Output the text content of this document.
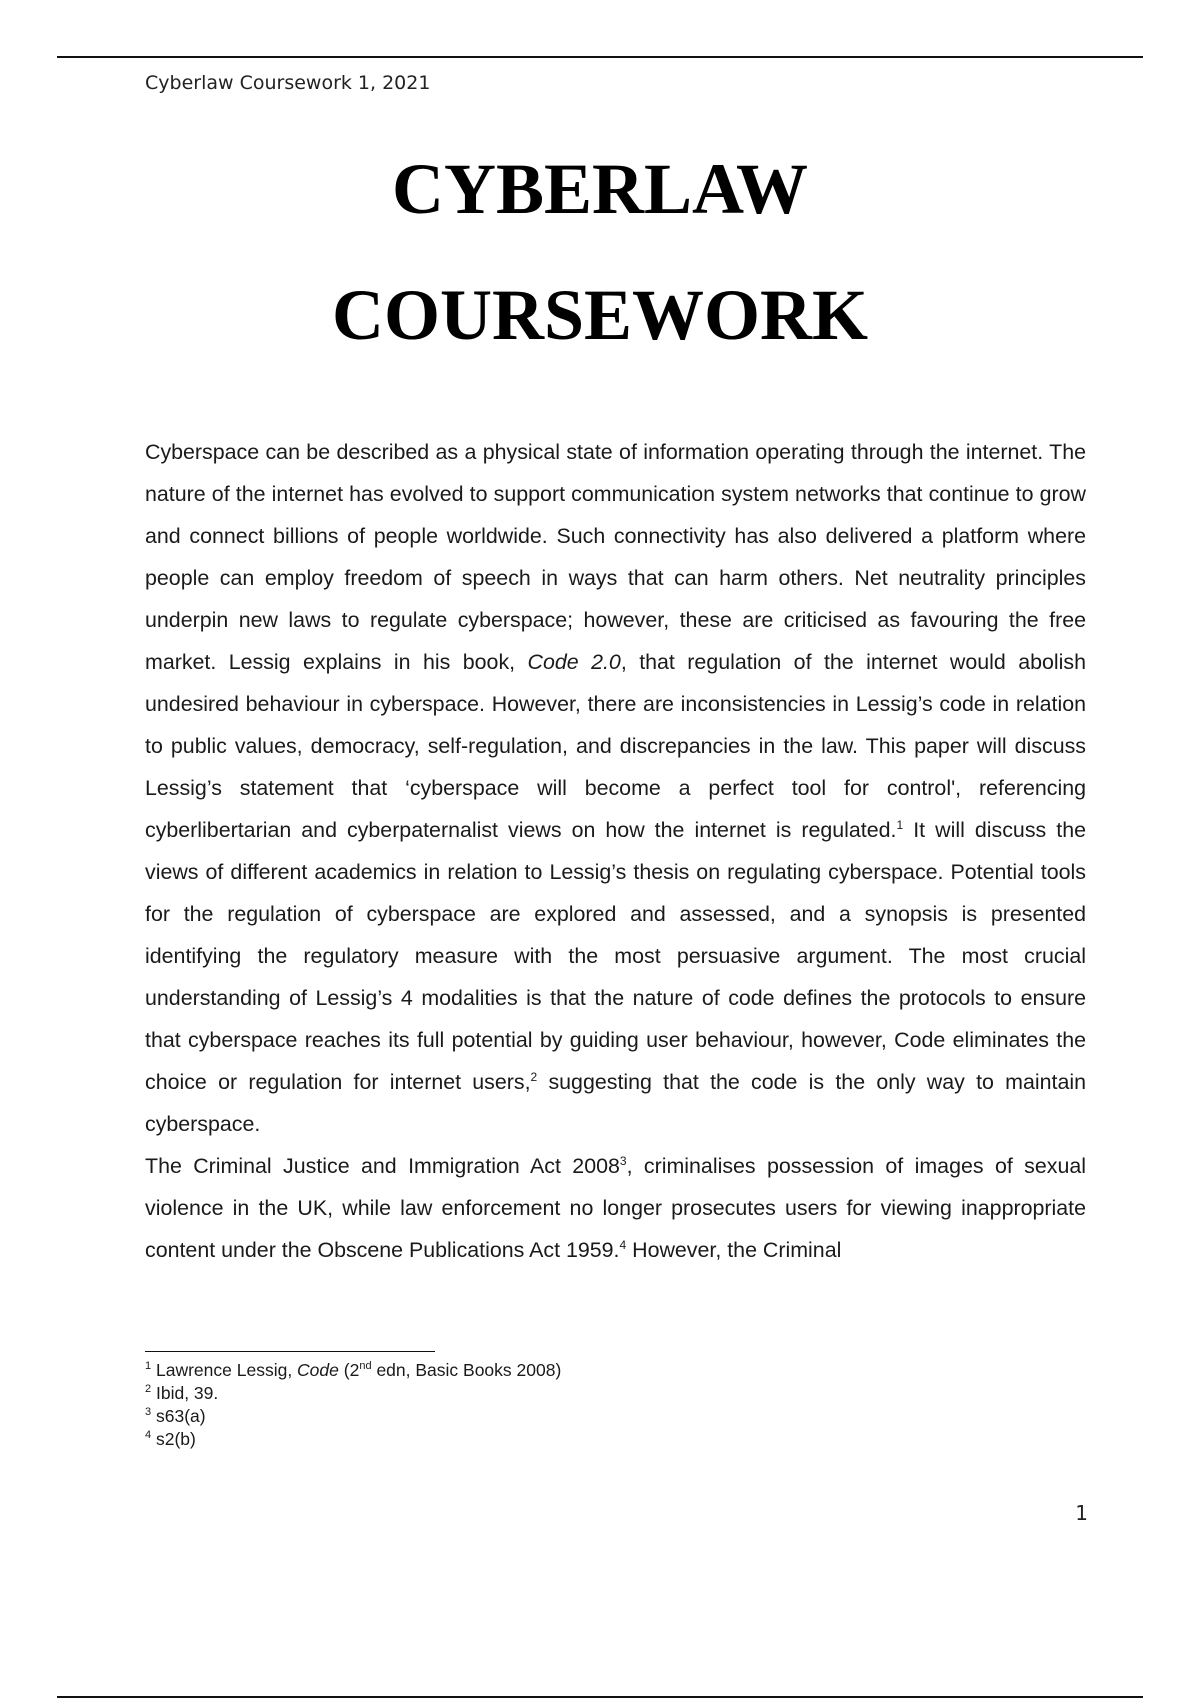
Cyberlaw Coursework 1, 2021
CYBERLAW
COURSEWORK

Cyberspace can be described as a physical state of information operating through the internet. The nature of the internet has evolved to support communication system networks that continue to grow and connect billions of people worldwide. Such connectivity has also delivered a platform where people can employ freedom of speech in ways that can harm others. Net neutrality principles underpin new laws to regulate cyberspace; however, these are criticised as favouring the free market. Lessig explains in his book, Code 2.0, that regulation of the internet would abolish undesired behaviour in cyberspace. However, there are inconsistencies in Lessig’s code in relation to public values, democracy, self-regulation, and discrepancies in the law. This paper will discuss Lessig’s statement that ‘cyberspace will become a perfect tool for control', referencing cyberlibertarian and cyberpaternalist views on how the internet is regulated.$^1$ It will discuss the views of different academics in relation to Lessig’s thesis on regulating cyberspace. Potential tools for the regulation of cyberspace are explored and assessed, and a synopsis is presented identifying the regulatory measure with the most persuasive argument. The most crucial understanding of Lessig’s 4 modalities is that the nature of code defines the protocols to ensure that cyberspace reaches its full potential by guiding user behaviour, however, Code eliminates the choice or regulation for internet users,$^2$ suggesting that the code is the only way to maintain cyberspace.

The Criminal Justice and Immigration Act 2008$^3$, criminalises possession of images of sexual violence in the UK, while law enforcement no longer prosecutes users for viewing inappropriate content under the Obscene Publications Act 1959.$^4$ However, the Criminal

$^1$ Lawrence Lessig, Code (2nd edn, Basic Books 2008)
$^2$ Ibid, 39.
$^3$ s63(a)
$^4$ s2(b)
1
